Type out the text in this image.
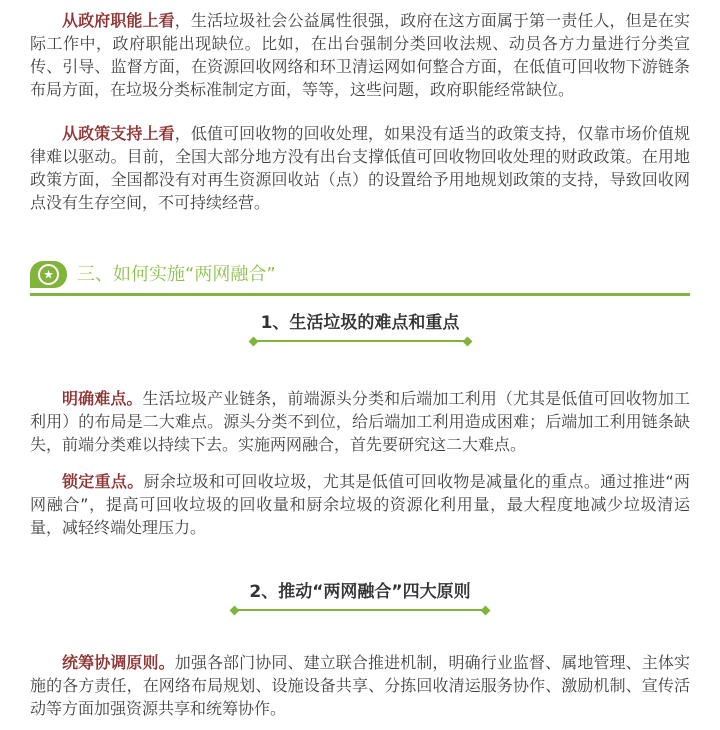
从政府职能上看，生活垃圾社会公益属性很强，政府在这方面属于第一责任人，但是在实际工作中，政府职能出现缺位。比如，在出台强制分类回收法规、动员各方力量进行分类宣传、引导、监督方面，在资源回收网络和环卫清运网如何整合方面，在低值可回收物下游链条布局方面，在垃圾分类标准制定方面，等等，这些问题，政府职能经常缺位。

从政策支持上看，低值可回收物的回收处理，如果没有适当的政策支持，仅靠市场价值规律难以驱动。目前，全国大部分地方没有出台支撑低值可回收物回收处理的财政政策。在用地政策方面，全国都没有对再生资源回收站（点）的设置给予用地规划政策的支持，导致回收网点没有生存空间，不可持续经营。

★ 三、如何实施“两网融合”
1、生活垃圾的难点和重点

明确难点。生活垃圾产业链条，前端源头分类和后端加工利用（尤其是低值可回收物加工利用）的布局是二大难点。源头分类不到位，给后端加工利用造成困难；后端加工利用链条缺失，前端分类难以持续下去。实施两网融合，首先要研究这二大难点。

锁定重点。厨余垃圾和可回收垃圾，尤其是低值可回收物是减量化的重点。通过推进“两网融合”，提高可回收垃圾的回收量和厨余垃圾的资源化利用量，最大程度地减少垃圾清运量，减轻终端处理压力。

2、推动“两网融合”四大原则

统筹协调原则。加强各部门协同、建立联合推进机制，明确行业监督、属地管理、主体实施的各方责任，在网络布局规划、设施设备共享、分拣回收清运服务协作、激励机制、宣传活动等方面加强资源共享和统筹协作。
